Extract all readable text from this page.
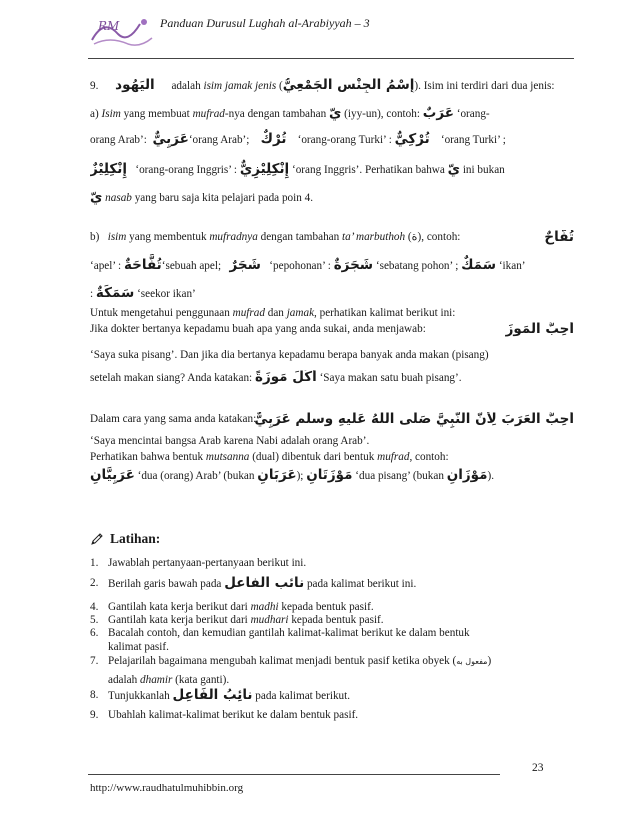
RM	Panduan Durusul Lughah al-Arabiyyah – 3
9. اليَهُود adalah isim jamak jenis (إِسْمُ الجِنْسِ الجَمْعِيُّ). Isim ini terdiri dari dua jenis:
a) Isim yang membuat mufrad-nya dengan tambahan يّ (iyy-un), contoh: عَرَبٌ ‘orang-
orang Arab’: عَرَبِيٌّ‘orang Arab’; تُرْكٌ ‘orang-orang Turki’ : تُرْكِيٌّ ‘orang Turki’ ;
إِنْكِلِيْزٌ ‘orang-orang Inggris’ : إِنْكِلِيْزِيٌّ ‘orang Inggris’. Perhatikan bahwa يّ ini bukan
يّ nasab yang baru saja kita pelajari pada poin 4.
b) isim yang membentuk mufradnya dengan tambahan ta’ marbuthoh (ة), contoh:	تُفَّاحٌ
‘apel’ : تُفَّاحَةٌ‘sebuah apel; شَجَرٌ ‘pepohonan’ : شَجَرَةٌ ‘sebatang pohon’ ; سَمَكٌ ‘ikan’
: سَمَكَةٌ ‘seekor ikan’
Untuk mengetahui penggunaan mufrad dan jamak, perhatikan kalimat berikut ini:
Jika dokter bertanya kepadamu buah apa yang anda sukai, anda menjawab:	أُحِبُّ المَوزَ
‘Saya suka pisang’. Dan jika dia bertanya kepadamu berapa banyak anda makan (pisang)
setelah makan siang? Anda katakan: أَكَلَ مَوزَةً ‘Saya makan satu buah pisang’.
Dalam cara yang sama anda katakan:
أُحِبُّ العَرَبَ لِأَنَّ النَّبِيَّ صَلَّى اللهُ عَلَيهِ وسلم عَرَبِيٌّ
‘Saya mencintai bangsa Arab karena Nabi adalah orang Arab’.
Perhatikan bahwa bentuk mutsanna (dual) dibentuk dari bentuk mufrad, contoh:
عَرَبِيَّانِ ‘dua (orang) Arab’ (bukan عَرَبَانِ); مَوْزَتَانِ ‘dua pisang’ (bukan مَوْزَانِ).
Latihan:
1. Jawablah pertanyaan-pertanyaan berikut ini.
2. Berilah garis bawah pada نائب الفاعل pada kalimat berikut ini.
4. Gantilah kata kerja berikut dari madhi kepada bentuk pasif.
5. Gantilah kata kerja berikut dari mudhari kepada bentuk pasif.
6. Bacalah contoh, dan kemudian gantilah kalimat-kalimat berikut ke dalam bentuk
kalimat pasif.
7. Pelajarilah bagaimana mengubah kalimat menjadi bentuk pasif ketika obyek (مفعول به)
adalah dhamir (kata ganti).
8. Tunjukkanlah نائِبُ الفَاعِل pada kalimat berikut.
9. Ubahlah kalimat-kalimat berikut ke dalam bentuk pasif.
23
http://www.raudhatulmuhibbin.org
